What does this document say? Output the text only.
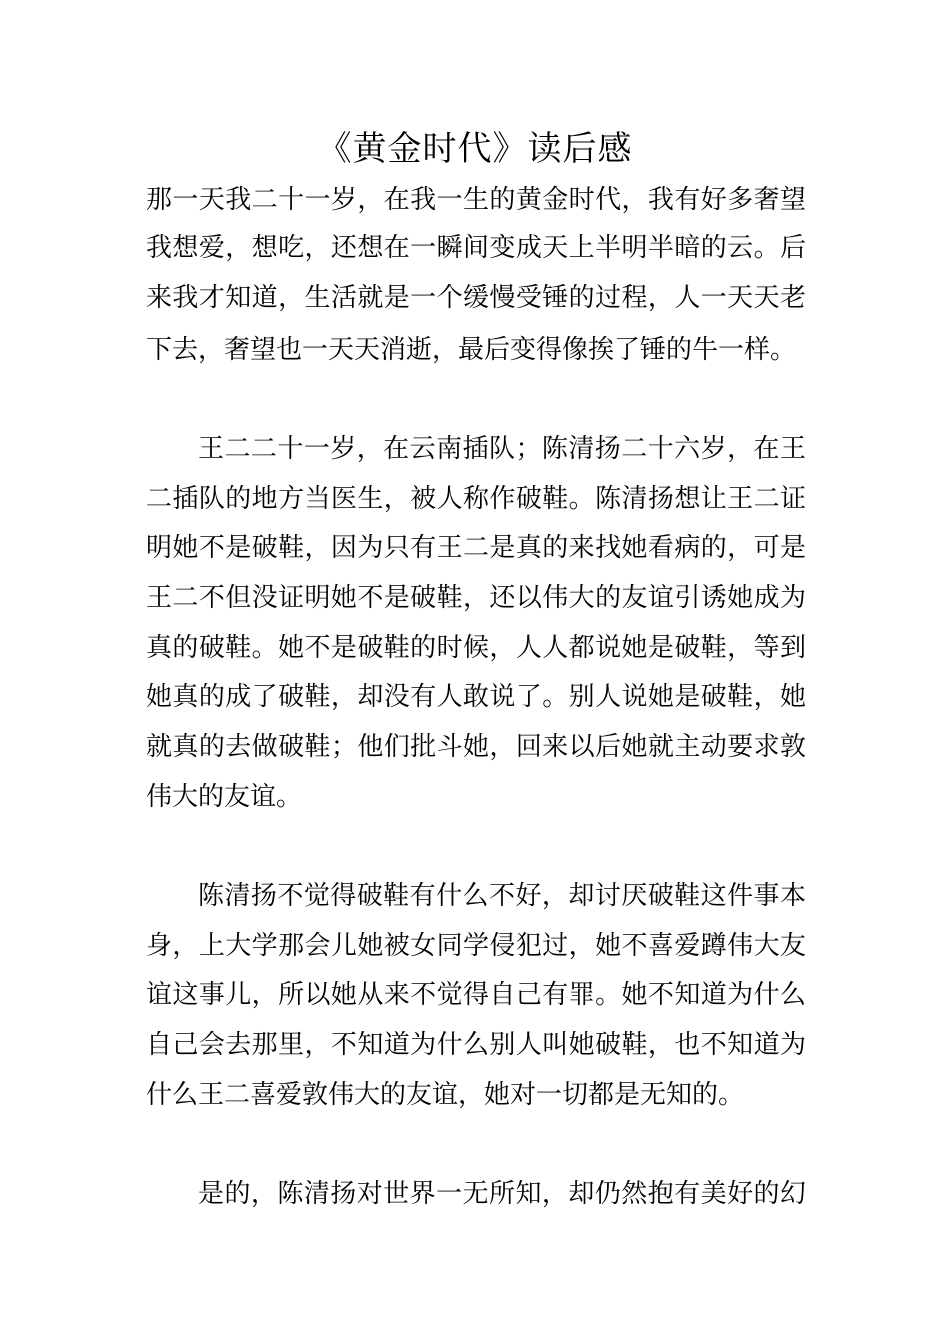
《黄金时代》读后感
那一天我二十一岁，在我一生的黄金时代，我有好多奢望
我想爱，想吃，还想在一瞬间变成天上半明半暗的云。后
来我才知道，生活就是一个缓慢受锤的过程，人一天天老
下去，奢望也一天天消逝，最后变得像挨了锤的牛一样。
王二二十一岁，在云南插队；陈清扬二十六岁，在王
二插队的地方当医生，被人称作破鞋。陈清扬想让王二证
明她不是破鞋，因为只有王二是真的来找她看病的，可是
王二不但没证明她不是破鞋，还以伟大的友谊引诱她成为
真的破鞋。她不是破鞋的时候，人人都说她是破鞋，等到
她真的成了破鞋，却没有人敢说了。别人说她是破鞋，她
就真的去做破鞋；他们批斗她，回来以后她就主动要求敦
伟大的友谊。
陈清扬不觉得破鞋有什么不好，却讨厌破鞋这件事本
身，上大学那会儿她被女同学侵犯过，她不喜爱蹲伟大友
谊这事儿，所以她从来不觉得自己有罪。她不知道为什么
自己会去那里，不知道为什么别人叫她破鞋，也不知道为
什么王二喜爱敦伟大的友谊，她对一切都是无知的。
是的，陈清扬对世界一无所知，却仍然抱有美好的幻
